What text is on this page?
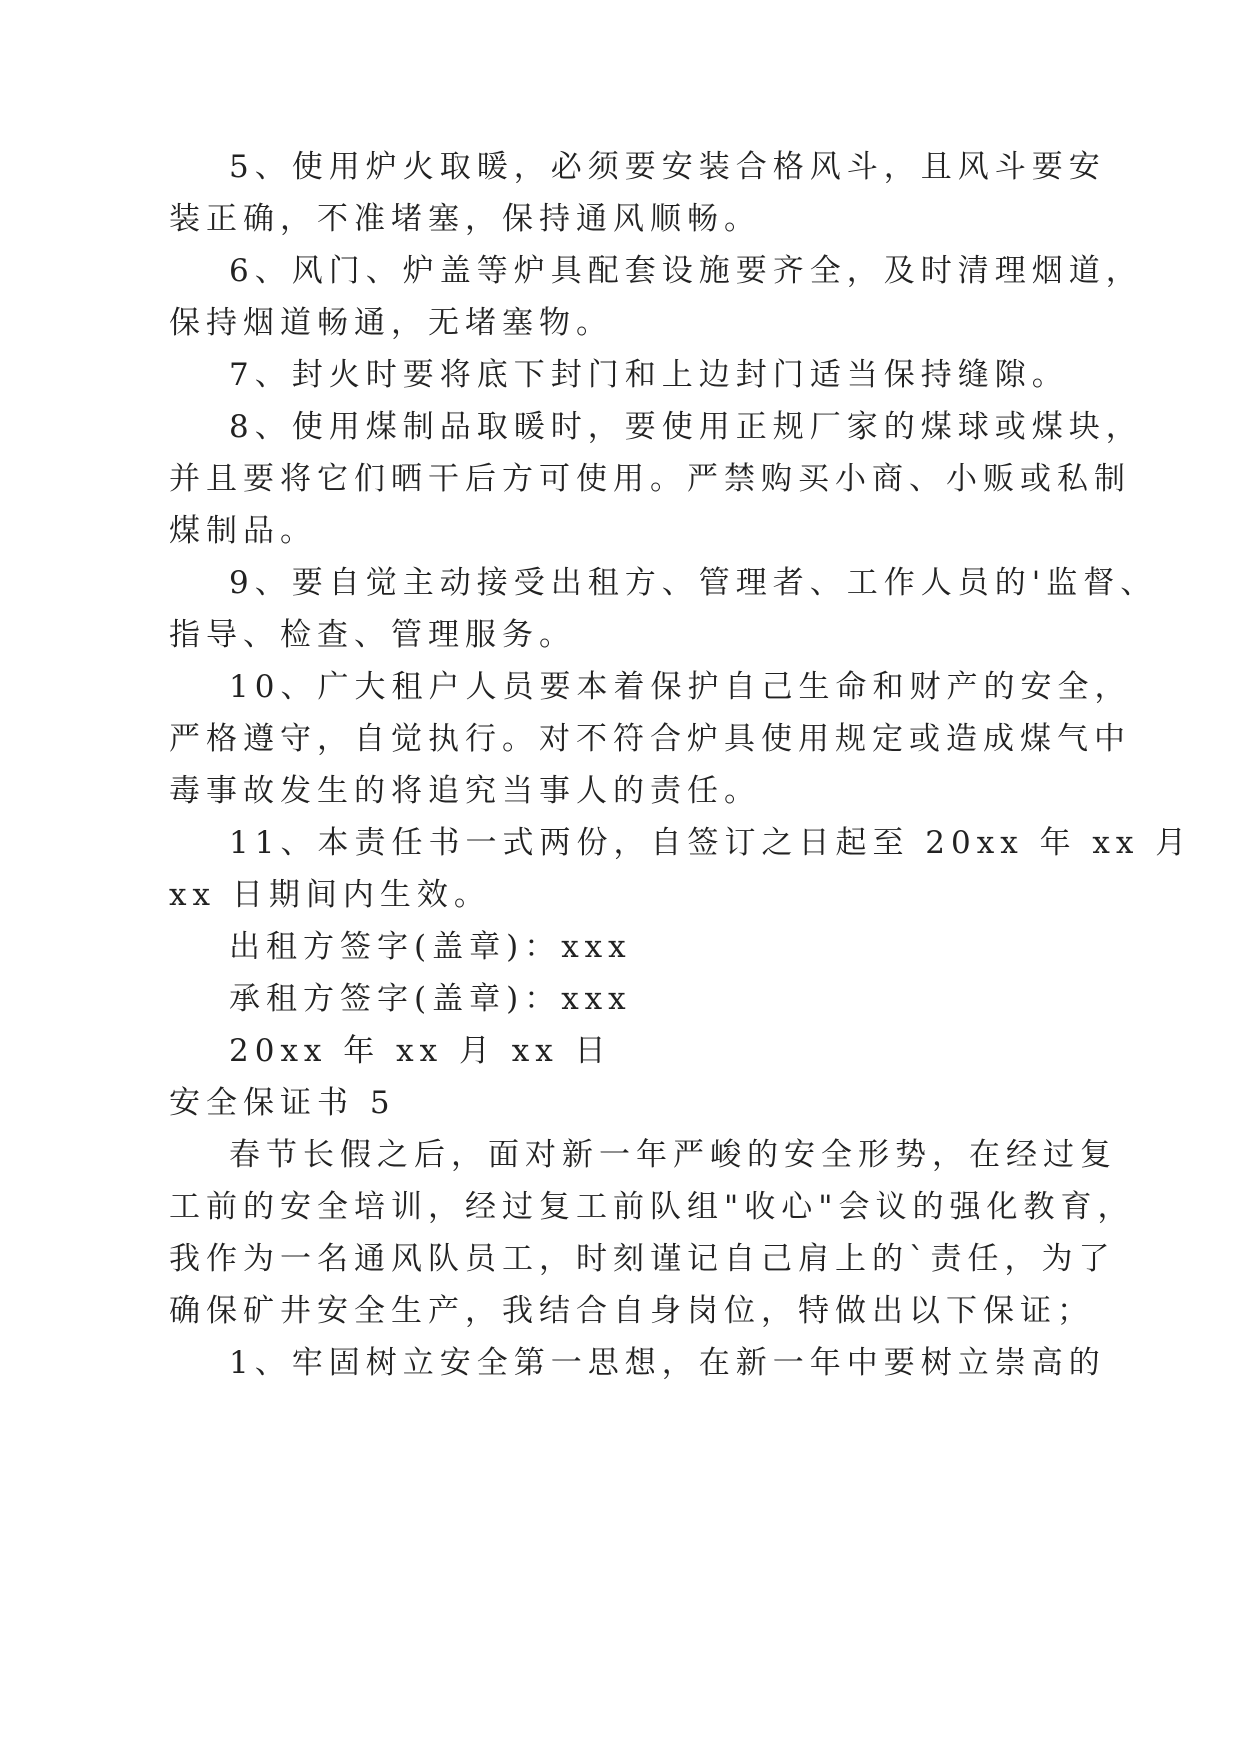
5、使用炉火取暖，必须要安装合格风斗，且风斗要安
装正确，不准堵塞，保持通风顺畅。
6、风门、炉盖等炉具配套设施要齐全，及时清理烟道，
保持烟道畅通，无堵塞物。
7、封火时要将底下封门和上边封门适当保持缝隙。
8、使用煤制品取暖时，要使用正规厂家的煤球或煤块，
并且要将它们晒干后方可使用。严禁购买小商、小贩或私制
煤制品。
9、要自觉主动接受出租方、管理者、工作人员的'监督、
指导、检查、管理服务。
10、广大租户人员要本着保护自己生命和财产的安全，
严格遵守，自觉执行。对不符合炉具使用规定或造成煤气中
毒事故发生的将追究当事人的责任。
11、本责任书一式两份，自签订之日起至 20xx 年 xx 月
xx 日期间内生效。
出租方签字(盖章)：xxx
承租方签字(盖章)：xxx
20xx 年 xx 月 xx 日
安全保证书 5
春节长假之后，面对新一年严峻的安全形势，在经过复
工前的安全培训，经过复工前队组"收心"会议的强化教育，
我作为一名通风队员工，时刻谨记自己肩上的`责任，为了
确保矿井安全生产，我结合自身岗位，特做出以下保证；
1、牢固树立安全第一思想，在新一年中要树立崇高的
